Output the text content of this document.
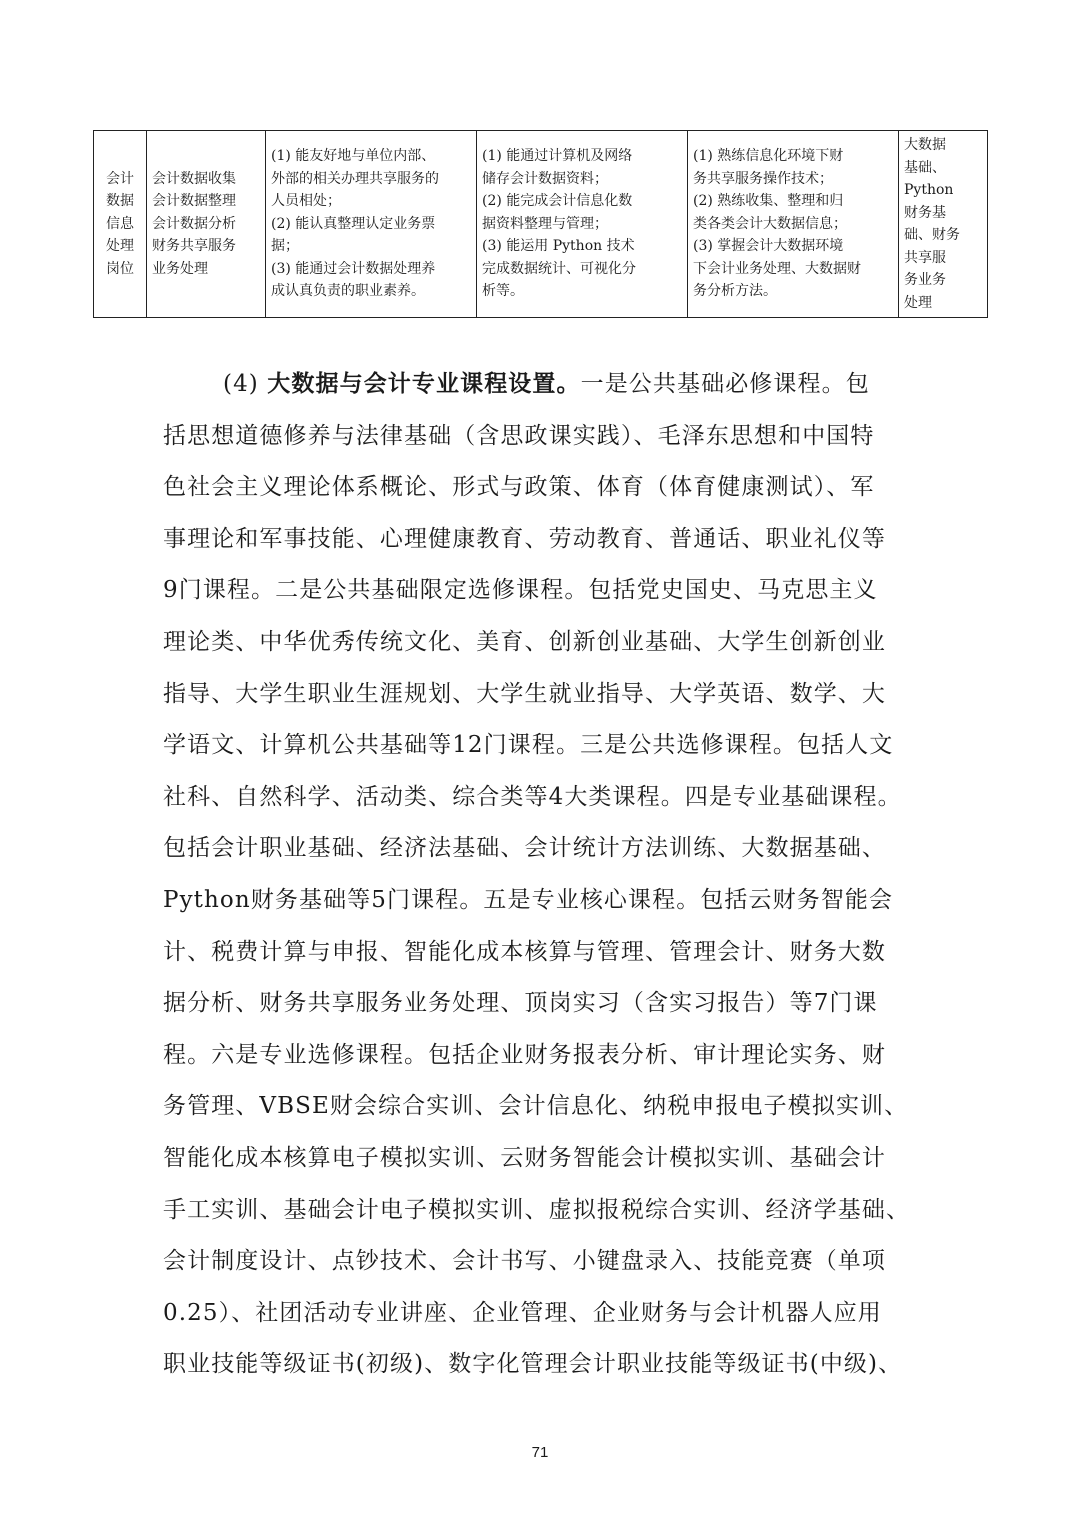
会计
数据
信息
处理
岗位

会计数据收集
会计数据整理
会计数据分析
财务共享服务
业务处理

(1) 能友好地与单位内部、
外部的相关办理共享服务的
人员相处；
(2) 能认真整理认定业务票
据；
(3) 能通过会计数据处理养
成认真负责的职业素养。

(1) 能通过计算机及网络
储存会计数据资料；
(2) 能完成会计信息化数
据资料整理与管理；
(3) 能运用 Python 技术
完成数据统计、可视化分
析等。

(1) 熟练信息化环境下财
务共享服务操作技术；
(2) 熟练收集、整理和归
类各类会计大数据信息；
(3) 掌握会计大数据环境
下会计业务处理、大数据财
务分析方法。

大数据
基础、
Python
财务基
础、财务
共享服
务业务
处理
(4) 大数据与会计专业课程设置。一是公共基础必修课程。包
括思想道德修养与法律基础（含思政课实践）、毛泽东思想和中国特
色社会主义理论体系概论、形式与政策、体育（体育健康测试）、军
事理论和军事技能、心理健康教育、劳动教育、普通话、职业礼仪等
9门课程。二是公共基础限定选修课程。包括党史国史、马克思主义
理论类、中华优秀传统文化、美育、创新创业基础、大学生创新创业
指导、大学生职业生涯规划、大学生就业指导、大学英语、数学、大
学语文、计算机公共基础等12门课程。三是公共选修课程。包括人文
社科、自然科学、活动类、综合类等4大类课程。四是专业基础课程。
包括会计职业基础、经济法基础、会计统计方法训练、大数据基础、
Python财务基础等5门课程。五是专业核心课程。包括云财务智能会
计、税费计算与申报、智能化成本核算与管理、管理会计、财务大数
据分析、财务共享服务业务处理、顶岗实习（含实习报告）等7门课
程。六是专业选修课程。包括企业财务报表分析、审计理论实务、财
务管理、VBSE财会综合实训、会计信息化、纳税申报电子模拟实训、
智能化成本核算电子模拟实训、云财务智能会计模拟实训、基础会计
手工实训、基础会计电子模拟实训、虚拟报税综合实训、经济学基础、
会计制度设计、点钞技术、会计书写、小键盘录入、技能竞赛（单项
0.25）、社团活动专业讲座、企业管理、企业财务与会计机器人应用
职业技能等级证书(初级)、数字化管理会计职业技能等级证书(中级)、
71
